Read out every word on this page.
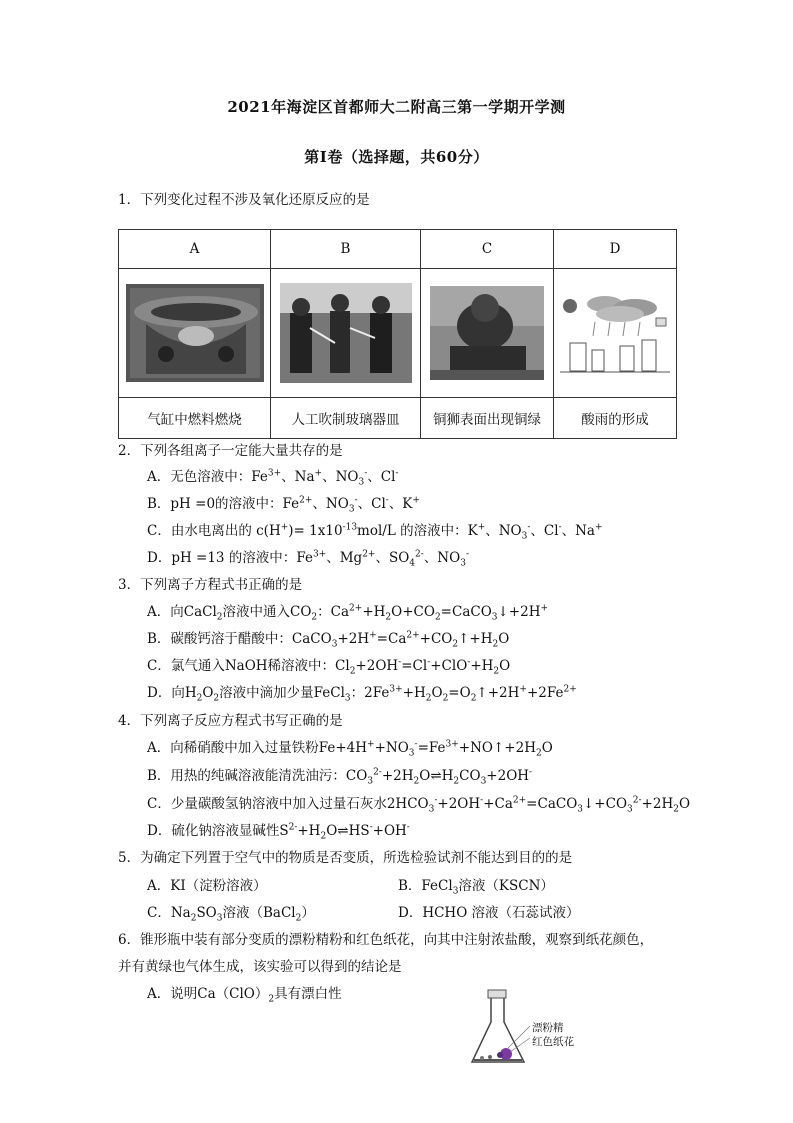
2021年海淀区首都师大二附高三第一学期开学测
第Ⅰ卷（选择题，共60分）
1．下列变化过程不涉及氧化还原反应的是
A	B	C	D

气缸中燃料燃烧	人工吹制玻璃器皿	铜狮表面出现铜绿	酸雨的形成
2．下列各组离子一定能大量共存的是
A．无色溶液中：$Fe^{3+}$、Na+、$NO_3^-$、Cl-
B．pH =0的溶液中：$Fe^{2+}$、$NO_3^-$、Cl-、K+
C．由水电离出的 $c(H^+)= 1x10^{-13}mol/L$ 的溶液中：K+、$NO_3^-$、Cl-、Na+
D．pH =13 的溶液中：$Fe^{3+}$、$Mg^{2+}$、$SO_4^{2-}$、$NO_3^-$
3．下列离子方程式书正确的是
A．向CaCl$_2$溶液中通入$CO_2$：$Ca^{2+}+H_2O+CO_2=CaCO_3↓+2H^+$
B．碳酸钙溶于醋酸中：$CaCO_3+2H^+=Ca^{2+}+CO_2↑+H_2O$
C．氯气通入NaOH稀溶液中：$Cl_2+2OH^-=Cl^-+ClO^-+H_2O$
D．向$H_2O_2$溶液中滴加少量FeCl$_3$：$2Fe^{3+}+H_2O_2=O_2↑+2H^++2Fe^{2+}$
4．下列离子反应方程式书写正确的是
A．向稀硝酸中加入过量铁粉$Fe+4H^++NO_3^-=Fe^{3+}+NO↑+2H_2O$
B．用热的纯碱溶液能清洗油污：$CO_3^{2-}+2H_2O\rightleftharpoons H_2CO_3+2OH^-$
C．少量碳酸氢钠溶液中加入过量石灰水$2HCO_3^-+2OH^-+Ca^{2+}=CaCO_3↓+CO_3^{2-}+2H_2O$
D．硫化钠溶液显碱性$S^{2-}+H_2O\rightleftharpoons HS^-+OH^-$
5．为确定下列置于空气中的物质是否变质，所选检验试剂不能达到目的的是
A．KI（淀粉溶液）	B．FeCl$_3$溶液（KSCN）
C．$Na_2SO_3$溶液（BaCl$_2$）	D．HCHO 溶液（石蕊试液）
6．锥形瓶中装有部分变质的漂粉精粉和红色纸花，向其中注射浓盐酸，观察到纸花颜色，
并有黄绿也气体生成，该实验可以得到的结论是
A．说明$Ca(ClO)_2$具有漂白性
漂粉精
红色纸花
